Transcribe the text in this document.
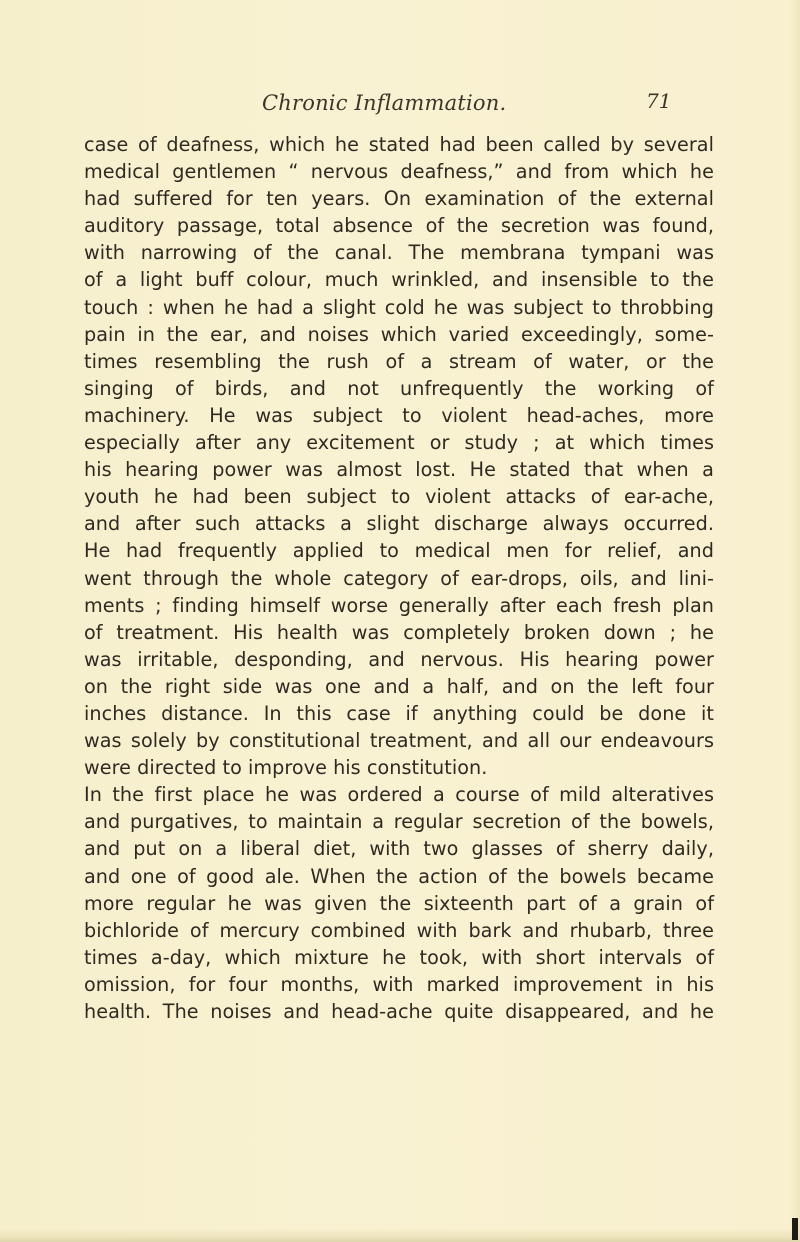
Chronic Inflammation.	71
case of deafness, which he stated had been called by several
medical gentlemen “ nervous deafness,” and from which he
had suffered for ten years. On examination of the external
auditory passage, total absence of the secretion was found,
with narrowing of the canal. The membrana tympani was
of a light buff colour, much wrinkled, and insensible to the
touch : when he had a slight cold he was subject to throbbing
pain in the ear, and noises which varied exceedingly, some-
times resembling the rush of a stream of water, or the
singing of birds, and not unfrequently the working of
machinery. He was subject to violent head-aches, more
especially after any excitement or study ; at which times
his hearing power was almost lost. He stated that when a
youth he had been subject to violent attacks of ear-ache,
and after such attacks a slight discharge always occurred.
He had frequently applied to medical men for relief, and
went through the whole category of ear-drops, oils, and lini-
ments ; finding himself worse generally after each fresh plan
of treatment. His health was completely broken down ; he
was irritable, desponding, and nervous. His hearing power
on the right side was one and a half, and on the left four
inches distance. In this case if anything could be done it
was solely by constitutional treatment, and all our endeavours
were directed to improve his constitution.
In the first place he was ordered a course of mild alteratives
and purgatives, to maintain a regular secretion of the bowels,
and put on a liberal diet, with two glasses of sherry daily,
and one of good ale. When the action of the bowels became
more regular he was given the sixteenth part of a grain of
bichloride of mercury combined with bark and rhubarb, three
times a-day, which mixture he took, with short intervals of
omission, for four months, with marked improvement in his
health. The noises and head-ache quite disappeared, and he
